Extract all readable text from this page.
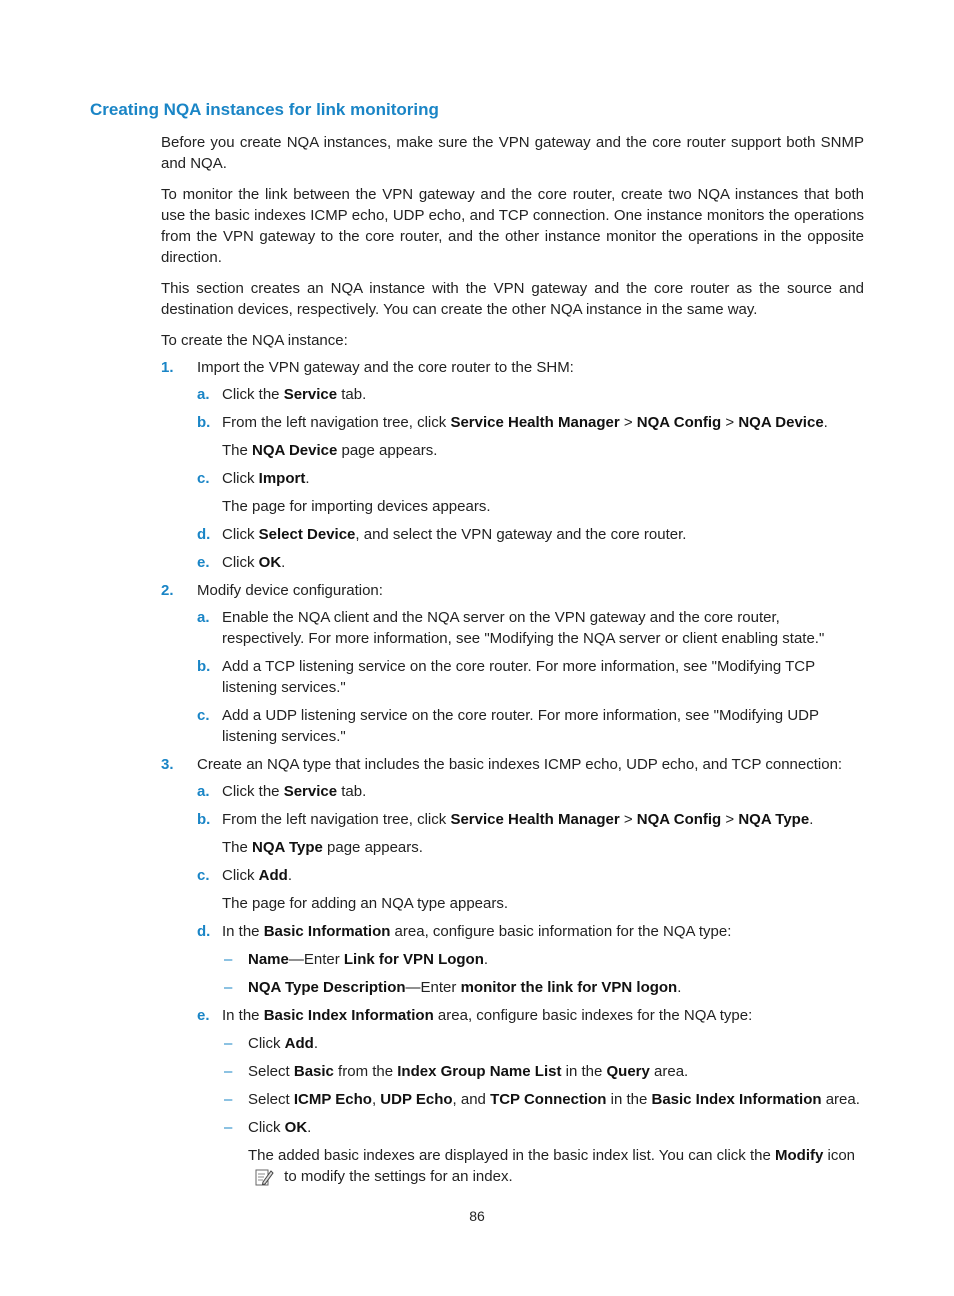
Creating NQA instances for link monitoring

Before you create NQA instances, make sure the VPN gateway and the core router support both SNMP and NQA.

To monitor the link between the VPN gateway and the core router, create two NQA instances that both use the basic indexes ICMP echo, UDP echo, and TCP connection. One instance monitors the operations from the VPN gateway to the core router, and the other instance monitor the operations in the opposite direction.

This section creates an NQA instance with the VPN gateway and the core router as the source and destination devices, respectively. You can create the other NQA instance in the same way.

To create the NQA instance:

1. Import the VPN gateway and the core router to the SHM:
a. Click the Service tab.
b. From the left navigation tree, click Service Health Manager > NQA Config > NQA Device.
The NQA Device page appears.
c. Click Import.
The page for importing devices appears.
d. Click Select Device, and select the VPN gateway and the core router.
e. Click OK.
2. Modify device configuration:
a. Enable the NQA client and the NQA server on the VPN gateway and the core router, respectively. For more information, see "Modifying the NQA server or client enabling state."
b. Add a TCP listening service on the core router. For more information, see "Modifying TCP listening services."
c. Add a UDP listening service on the core router. For more information, see "Modifying UDP listening services."
3. Create an NQA type that includes the basic indexes ICMP echo, UDP echo, and TCP connection:
a. Click the Service tab.
b. From the left navigation tree, click Service Health Manager > NQA Config > NQA Type.
The NQA Type page appears.
c. Click Add.
The page for adding an NQA type appears.
d. In the Basic Information area, configure basic information for the NQA type:
– Name—Enter Link for VPN Logon.
– NQA Type Description—Enter monitor the link for VPN logon.
e. In the Basic Index Information area, configure basic indexes for the NQA type:
– Click Add.
– Select Basic from the Index Group Name List in the Query area.
– Select ICMP Echo, UDP Echo, and TCP Connection in the Basic Index Information area.
– Click OK.
The added basic indexes are displayed in the basic index list. You can click the Modify icon to modify the settings for an index.
86
